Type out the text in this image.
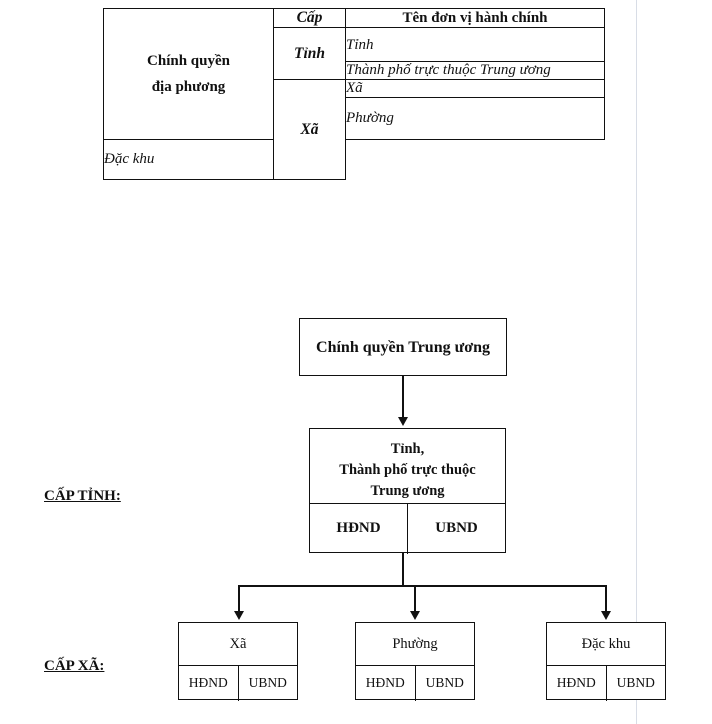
Chính quyền
địa phương	Cấp	Tên đơn vị hành chính
	Tỉnh	Tỉnh
		Thành phố trực thuộc Trung ương
	Xã	Xã
		Phường
Đặc khu		
Chính quyền Trung ương
Tỉnh,
Thành phố trực thuộc
Trung ương
HĐND	UBND
Xã
HĐND	UBND
Phường
HĐND	UBND
Đặc khu
HĐND	UBND
CẤP TỈNH:
CẤP XÃ:
